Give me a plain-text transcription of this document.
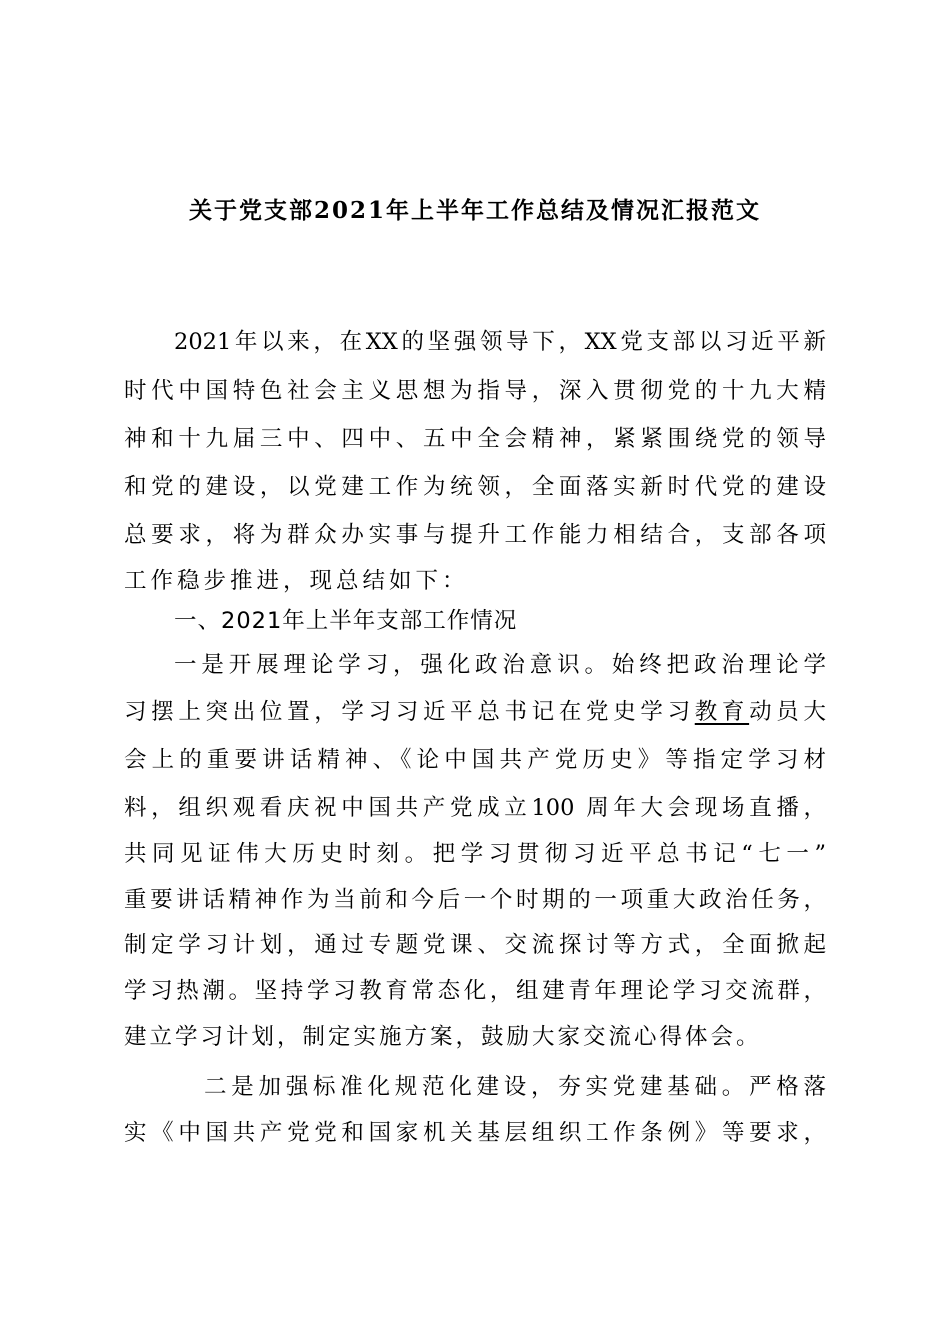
关于党支部2021年上半年工作总结及情况汇报范文
2021年以来，在XX的坚强领导下，XX党支部以习近平新
时代中国特色社会主义思想为指导，深入贯彻党的十九大精
神和十九届三中、四中、五中全会精神，紧紧围绕党的领导
和党的建设，以党建工作为统领，全面落实新时代党的建设
总要求，将为群众办实事与提升工作能力相结合，支部各项
工作稳步推进，现总结如下：
一、2021年上半年支部工作情况
一是开展理论学习，强化政治意识。始终把政治理论学
习摆上突出位置，学习习近平总书记在党史学习教育动员大
会上的重要讲话精神、《论中国共产党历史》等指定学习材
料，组织观看庆祝中国共产党成立100 周年大会现场直播，
共同见证伟大历史时刻。把学习贯彻习近平总书记“七一”
重要讲话精神作为当前和今后一个时期的一项重大政治任务，
制定学习计划，通过专题党课、交流探讨等方式，全面掀起
学习热潮。坚持学习教育常态化，组建青年理论学习交流群，
建立学习计划，制定实施方案，鼓励大家交流心得体会。
二是加强标准化规范化建设，夯实党建基础。严格落
实《中国共产党党和国家机关基层组织工作条例》等要求，
